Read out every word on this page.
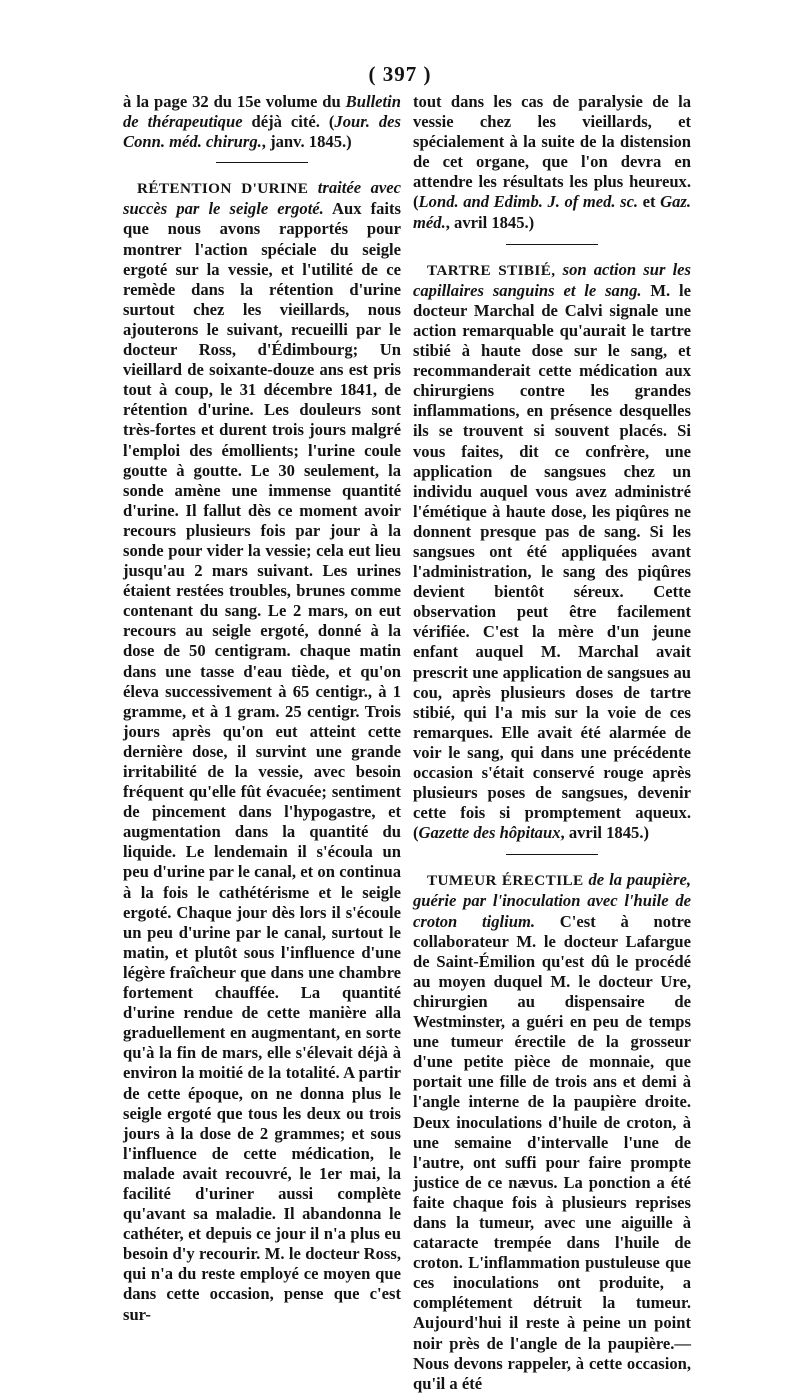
( 397 )

à la page 32 du 15e volume du Bulletin de thérapeutique déjà cité. (Jour. des Conn. méd. chirurg., janv. 1845.)

RÉTENTION D'URINE traitée avec succès par le seigle ergoté. Aux faits que nous avons rapportés pour montrer l'action spéciale du seigle ergoté sur la vessie, et l'utilité de ce remède dans la rétention d'urine surtout chez les vieillards, nous ajouterons le suivant, recueilli par le docteur Ross, d'Édimbourg; Un vieillard de soixante-douze ans est pris tout à coup, le 31 décembre 1841, de rétention d'urine. Les douleurs sont très-fortes et durent trois jours malgré l'emploi des émollients; l'urine coule goutte à goutte. Le 30 seulement, la sonde amène une immense quantité d'urine. Il fallut dès ce moment avoir recours plusieurs fois par jour à la sonde pour vider la vessie; cela eut lieu jusqu'au 2 mars suivant. Les urines étaient restées troubles, brunes comme contenant du sang. Le 2 mars, on eut recours au seigle ergoté, donné à la dose de 50 centigram. chaque matin dans une tasse d'eau tiède, et qu'on éleva successivement à 65 centigr., à 1 gramme, et à 1 gram. 25 centigr. Trois jours après qu'on eut atteint cette dernière dose, il survint une grande irritabilité de la vessie, avec besoin fréquent qu'elle fût évacuée; sentiment de pincement dans l'hypogastre, et augmentation dans la quantité du liquide. Le lendemain il s'écoula un peu d'urine par le canal, et on continua à la fois le cathétérisme et le seigle ergoté. Chaque jour dès lors il s'écoule un peu d'urine par le canal, surtout le matin, et plutôt sous l'influence d'une légère fraîcheur que dans une chambre fortement chauffée. La quantité d'urine rendue de cette manière alla graduellement en augmentant, en sorte qu'à la fin de mars, elle s'élevait déjà à environ la moitié de la totalité. A partir de cette époque, on ne donna plus le seigle ergoté que tous les deux ou trois jours à la dose de 2 grammes; et sous l'influence de cette médication, le malade avait recouvré, le 1er mai, la facilité d'uriner aussi complète qu'avant sa maladie. Il abandonna le cathéter, et depuis ce jour il n'a plus eu besoin d'y recourir. M. le docteur Ross, qui n'a du reste employé ce moyen que dans cette occasion, pense que c'est sur-

tout dans les cas de paralysie de la vessie chez les vieillards, et spécialement à la suite de la distension de cet organe, que l'on devra en attendre les résultats les plus heureux. (Lond. and Edimb. J. of med. sc. et Gaz. méd., avril 1845.)

TARTRE STIBIÉ, son action sur les capillaires sanguins et le sang. M. le docteur Marchal de Calvi signale une action remarquable qu'aurait le tartre stibié à haute dose sur le sang, et recommanderait cette médication aux chirurgiens contre les grandes inflammations, en présence desquelles ils se trouvent si souvent placés. Si vous faites, dit ce confrère, une application de sangsues chez un individu auquel vous avez administré l'émétique à haute dose, les piqûres ne donnent presque pas de sang. Si les sangsues ont été appliquées avant l'administration, le sang des piqûres devient bientôt séreux. Cette observation peut être facilement vérifiée. C'est la mère d'un jeune enfant auquel M. Marchal avait prescrit une application de sangsues au cou, après plusieurs doses de tartre stibié, qui l'a mis sur la voie de ces remarques. Elle avait été alarmée de voir le sang, qui dans une précédente occasion s'était conservé rouge après plusieurs poses de sangsues, devenir cette fois si promptement aqueux. (Gazette des hôpitaux, avril 1845.)

TUMEUR ÉRECTILE de la paupière, guérie par l'inoculation avec l'huile de croton tiglium. C'est à notre collaborateur M. le docteur Lafargue de Saint-Émilion qu'est dû le procédé au moyen duquel M. le docteur Ure, chirurgien au dispensaire de Westminster, a guéri en peu de temps une tumeur érectile de la grosseur d'une petite pièce de monnaie, que portait une fille de trois ans et demi à l'angle interne de la paupière droite. Deux inoculations d'huile de croton, à une semaine d'intervalle l'une de l'autre, ont suffi pour faire prompte justice de ce nævus. La ponction a été faite chaque fois à plusieurs reprises dans la tumeur, avec une aiguille à cataracte trempée dans l'huile de croton. L'inflammation pustuleuse que ces inoculations ont produite, a complétement détruit la tumeur. Aujourd'hui il reste à peine un point noir près de l'angle de la paupière.—Nous devons rappeler, à cette occasion, qu'il a été
